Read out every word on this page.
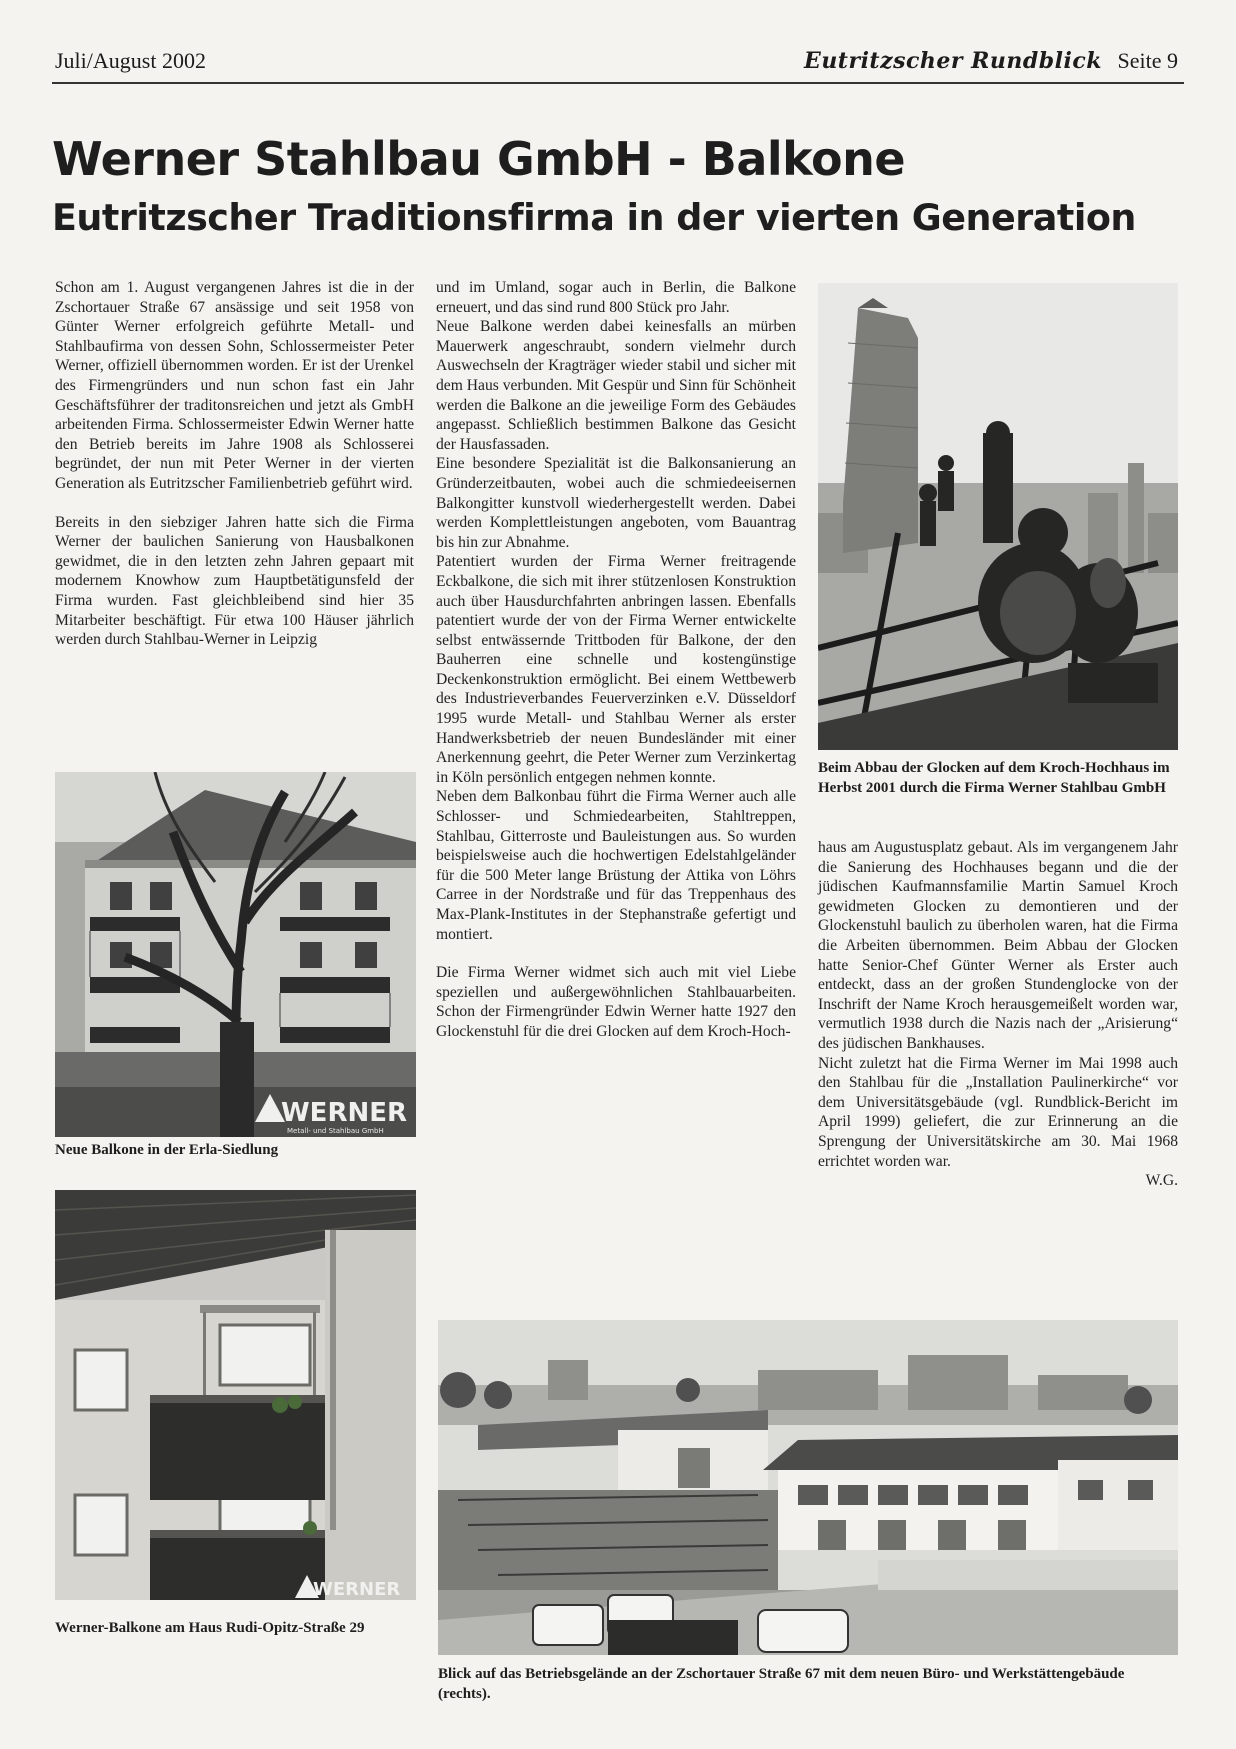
Juli/August 2002	Eutritzscher Rundblick Seite 9
Werner Stahlbau GmbH - Balkone
Eutritzscher Traditionsfirma in der vierten Generation

Schon am 1. August vergangenen Jahres ist die in der Zschortauer Straße 67 ansässige und seit 1958 von Günter Werner erfolgreich geführte Metall- und Stahlbaufirma von dessen Sohn, Schlossermeister Peter Werner, offiziell übernommen worden. Er ist der Urenkel des Firmengründers und nun schon fast ein Jahr Geschäftsführer der traditonsreichen und jetzt als GmbH arbeitenden Firma. Schlossermeister Edwin Werner hatte den Betrieb bereits im Jahre 1908 als Schlosserei begründet, der nun mit Peter Werner in der vierten Generation als Eutritzscher Familienbetrieb geführt wird.

Bereits in den siebziger Jahren hatte sich die Firma Werner der baulichen Sanierung von Hausbalkonen gewidmet, die in den letzten zehn Jahren gepaart mit modernem Knowhow zum Hauptbetätigunsfeld der Firma wurden. Fast gleichbleibend sind hier 35 Mitarbeiter beschäftigt. Für etwa 100 Häuser jährlich werden durch Stahlbau-Werner in Leipzig

und im Umland, sogar auch in Berlin, die Balkone erneuert, und das sind rund 800 Stück pro Jahr.

Neue Balkone werden dabei keinesfalls an mürben Mauerwerk angeschraubt, sondern vielmehr durch Auswechseln der Kragträger wieder stabil und sicher mit dem Haus verbunden. Mit Gespür und Sinn für Schönheit werden die Balkone an die jeweilige Form des Gebäudes angepasst. Schließlich bestimmen Balkone das Gesicht der Hausfassaden.

Eine besondere Spezialität ist die Balkonsanierung an Gründerzeitbauten, wobei auch die schmiedeeisernen Balkongitter kunstvoll wiederhergestellt werden. Dabei werden Komplettleistungen angeboten, vom Bauantrag bis hin zur Abnahme.

Patentiert wurden der Firma Werner freitragende Eckbalkone, die sich mit ihrer stützenlosen Konstruktion auch über Hausdurchfahrten anbringen lassen. Ebenfalls patentiert wurde der von der Firma Werner entwickelte selbst entwässernde Trittboden für Balkone, der den Bauherren eine schnelle und kostengünstige Deckenkonstruktion ermöglicht. Bei einem Wettbewerb des Industrieverbandes Feuerverzinken e.V. Düsseldorf 1995 wurde Metall- und Stahlbau Werner als erster Handwerksbetrieb der neuen Bundesländer mit einer Anerkennung geehrt, die Peter Werner zum Verzinkertag in Köln persönlich entgegen nehmen konnte.

Neben dem Balkonbau führt die Firma Werner auch alle Schlosser- und Schmiedearbeiten, Stahltreppen, Stahlbau, Gitterroste und Bauleistungen aus. So wurden beispielsweise auch die hochwertigen Edelstahlgeländer für die 500 Meter lange Brüstung der Attika von Löhrs Carree in der Nordstraße und für das Treppenhaus des Max-Plank-Institutes in der Stephanstraße gefertigt und montiert.

Die Firma Werner widmet sich auch mit viel Liebe speziellen und außergewöhnlichen Stahlbauarbeiten. Schon der Firmengründer Edwin Werner hatte 1927 den Glockenstuhl für die drei Glocken auf dem Kroch-Hoch-

haus am Augustusplatz gebaut. Als im vergangenem Jahr die Sanierung des Hochhauses begann und die der jüdischen Kaufmannsfamilie Martin Samuel Kroch gewidmeten Glocken zu demontieren und der Glockenstuhl baulich zu überholen waren, hat die Firma die Arbeiten übernommen. Beim Abbau der Glocken hatte Senior-Chef Günter Werner als Erster auch entdeckt, dass an der großen Stundenglocke von der Inschrift der Name Kroch herausgemeißelt worden war, vermutlich 1938 durch die Nazis nach der „Arisierung“ des jüdischen Bankhauses.

Nicht zuletzt hat die Firma Werner im Mai 1998 auch den Stahlbau für die „Installation Paulinerkirche“ vor dem Universitätsgebäude (vgl. Rundblick-Bericht im April 1999) geliefert, die zur Erinnerung an die Sprengung der Universitätskirche am 30. Mai 1968 errichtet worden war.

W.G.

WERNER
Metall- und Stahlbau GmbH
Neue Balkone in der Erla-Siedlung
WERNER
Werner-Balkone am Haus Rudi-Opitz-Straße 29
Beim Abbau der Glocken auf dem Kroch-Hochhaus im Herbst 2001 durch die Firma Werner Stahlbau GmbH
Blick auf das Betriebsgelände an der Zschortauer Straße 67 mit dem neuen Büro- und Werkstättengebäude (rechts).
